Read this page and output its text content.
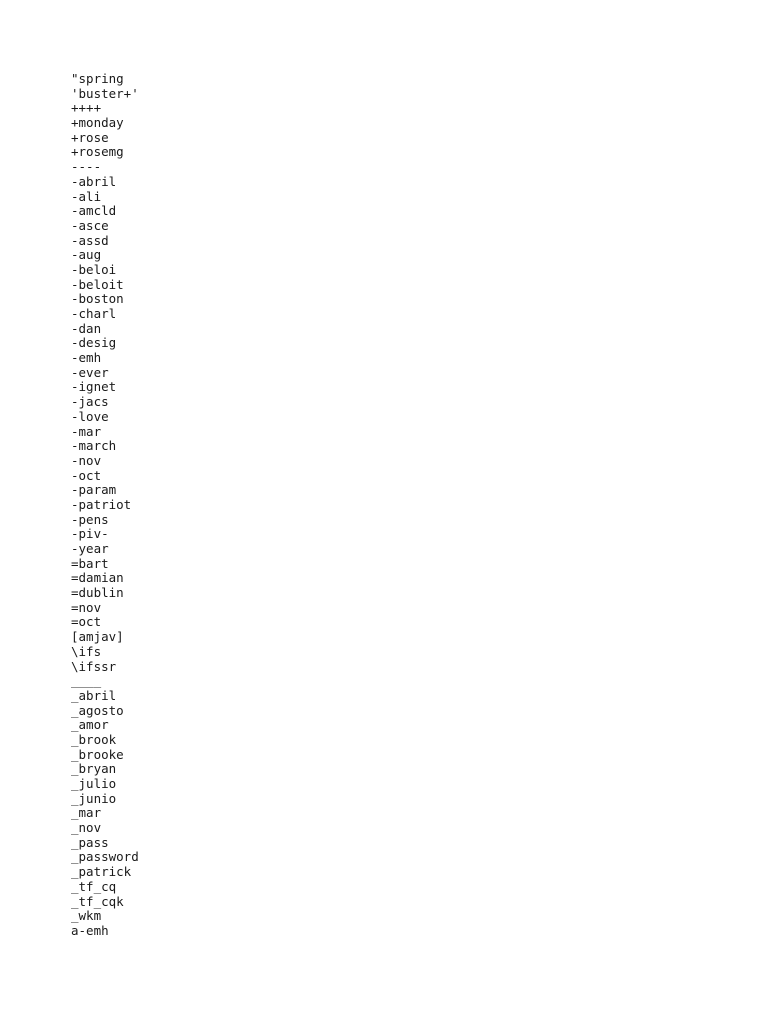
"spring
'buster+'
++++
+monday
+rose
+rosemg
----
-abril
-ali
-amcld
-asce
-assd
-aug
-beloi
-beloit
-boston
-charl
-dan
-desig
-emh
-ever
-ignet
-jacs
-love
-mar
-march
-nov
-oct
-param
-patriot
-pens
-piv-
-year
=bart
=damian
=dublin
=nov
=oct
[amjav]
\ifs
\ifssr
____
_abril
_agosto
_amor
_brook
_brooke
_bryan
_julio
_junio
_mar
_nov
_pass
_password
_patrick
_tf_cq
_tf_cqk
_wkm
a-emh
